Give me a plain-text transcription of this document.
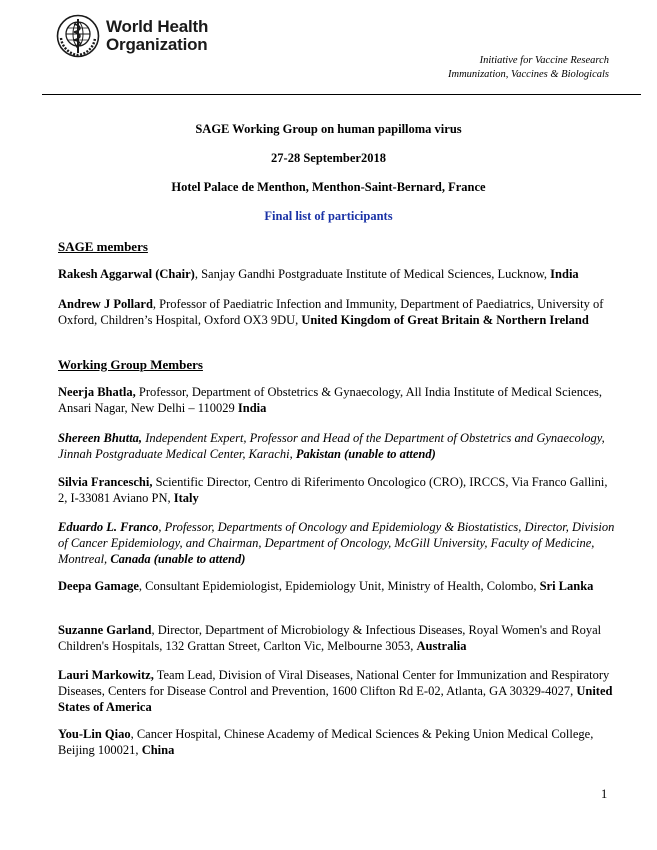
World Health
Organization
Initiative for Vaccine Research
Immunization, Vaccines & Biologicals
SAGE Working Group on human papilloma virus
27-28 September2018
Hotel Palace de Menthon, Menthon-Saint-Bernard, France
Final list of participants
SAGE members
Rakesh Aggarwal (Chair), Sanjay Gandhi Postgraduate Institute of Medical Sciences, Lucknow, India
Andrew J Pollard, Professor of Paediatric Infection and Immunity, Department of Paediatrics, University of Oxford, Children’s Hospital, Oxford OX3 9DU, United Kingdom of Great Britain & Northern Ireland
Working Group Members
Neerja Bhatla, Professor, Department of Obstetrics & Gynaecology, All India Institute of Medical Sciences, Ansari Nagar, New Delhi – 110029 India
Shereen Bhutta, Independent Expert, Professor and Head of the Department of Obstetrics and Gynaecology, Jinnah Postgraduate Medical Center, Karachi, Pakistan (unable to attend)
Silvia Franceschi, Scientific Director, Centro di Riferimento Oncologico (CRO), IRCCS, Via Franco Gallini, 2, I-33081 Aviano PN, Italy
Eduardo L. Franco, Professor, Departments of Oncology and Epidemiology & Biostatistics, Director, Division of Cancer Epidemiology, and Chairman, Department of Oncology, McGill University, Faculty of Medicine, Montreal, Canada (unable to attend)
Deepa Gamage, Consultant Epidemiologist, Epidemiology Unit, Ministry of Health, Colombo, Sri Lanka
Suzanne Garland, Director, Department of Microbiology & Infectious Diseases, Royal Women's and Royal Children's Hospitals, 132 Grattan Street, Carlton Vic, Melbourne 3053, Australia
Lauri Markowitz, Team Lead, Division of Viral Diseases, National Center for Immunization and Respiratory Diseases, Centers for Disease Control and Prevention, 1600 Clifton Rd E-02, Atlanta, GA 30329-4027, United States of America
You-Lin Qiao, Cancer Hospital, Chinese Academy of Medical Sciences & Peking Union Medical College, Beijing 100021, China
1
